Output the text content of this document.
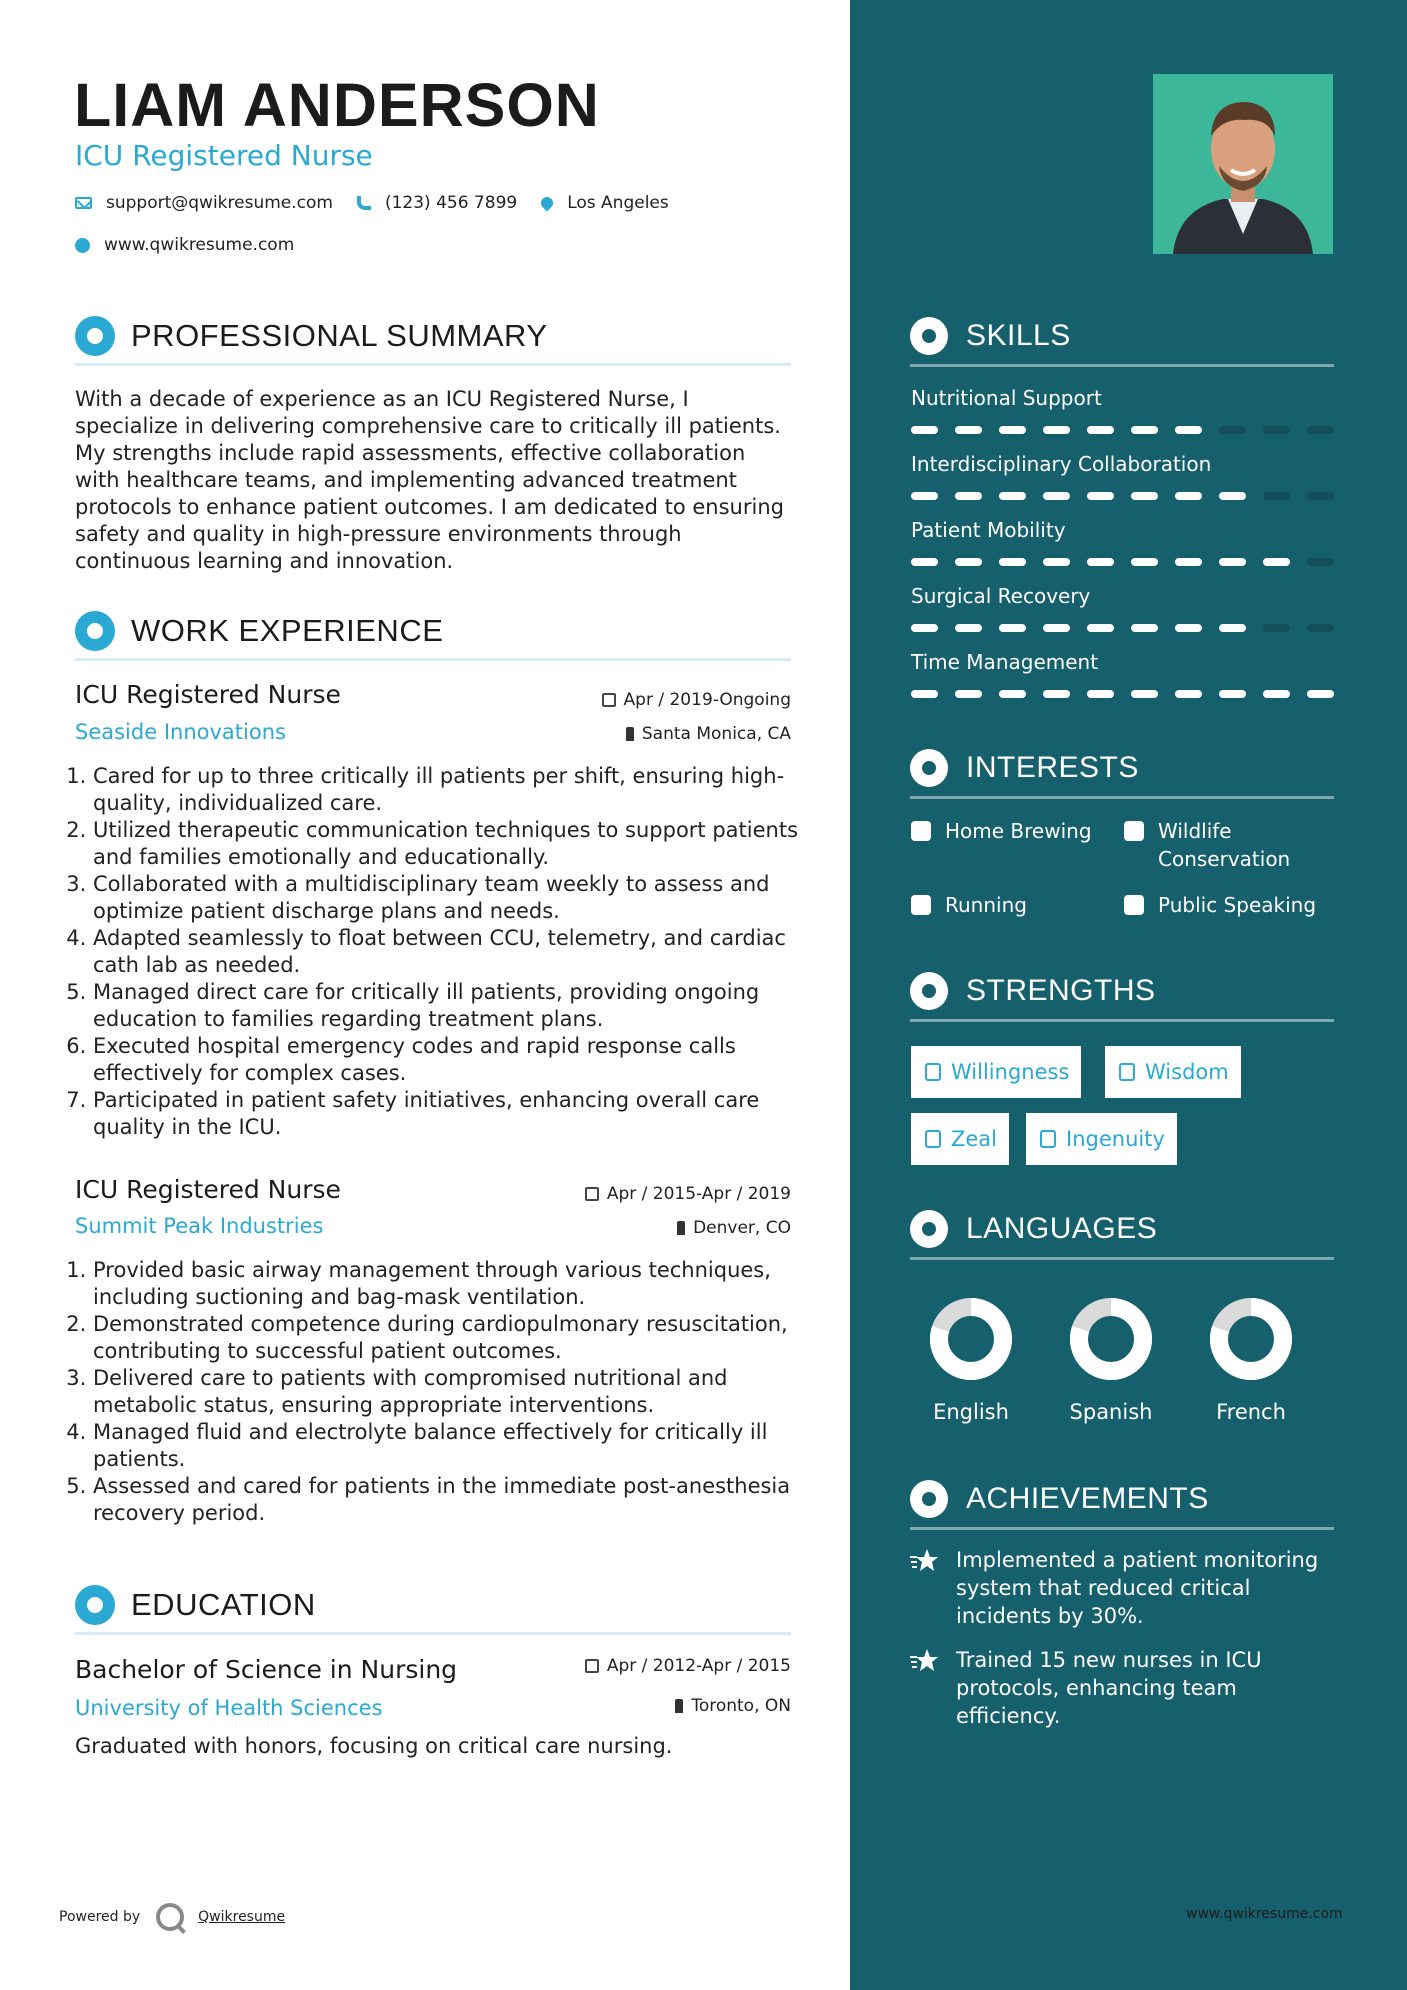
LIAM ANDERSON
ICU Registered Nurse
support@qwikresume.com	(123) 456 7899	Los Angeles
www.qwikresume.com
PROFESSIONAL SUMMARY
With a decade of experience as an ICU Registered Nurse, I specialize in delivering comprehensive care to critically ill patients. My strengths include rapid assessments, effective collaboration with healthcare teams, and implementing advanced treatment protocols to enhance patient outcomes. I am dedicated to ensuring safety and quality in high-pressure environments through continuous learning and innovation.
WORK EXPERIENCE
ICU Registered Nurse	Apr / 2019-Ongoing
Seaside Innovations	Santa Monica, CA
1. Cared for up to three critically ill patients per shift, ensuring high-quality, individualized care.
2. Utilized therapeutic communication techniques to support patients and families emotionally and educationally.
3. Collaborated with a multidisciplinary team weekly to assess and optimize patient discharge plans and needs.
4. Adapted seamlessly to float between CCU, telemetry, and cardiac cath lab as needed.
5. Managed direct care for critically ill patients, providing ongoing education to families regarding treatment plans.
6. Executed hospital emergency codes and rapid response calls effectively for complex cases.
7. Participated in patient safety initiatives, enhancing overall care quality in the ICU.
ICU Registered Nurse	Apr / 2015-Apr / 2019
Summit Peak Industries	Denver, CO
1. Provided basic airway management through various techniques, including suctioning and bag-mask ventilation.
2. Demonstrated competence during cardiopulmonary resuscitation, contributing to successful patient outcomes.
3. Delivered care to patients with compromised nutritional and metabolic status, ensuring appropriate interventions.
4. Managed fluid and electrolyte balance effectively for critically ill patients.
5. Assessed and cared for patients in the immediate post-anesthesia recovery period.
EDUCATION
Bachelor of Science in Nursing	Apr / 2012-Apr / 2015
University of Health Sciences	Toronto, ON
Graduated with honors, focusing on critical care nursing.
SKILLS
Nutritional Support
Interdisciplinary Collaboration
Patient Mobility
Surgical Recovery
Time Management
INTERESTS
Home Brewing	Wildlife Conservation
Running	Public Speaking
STRENGTHS
Willingness	Wisdom
Zeal	Ingenuity
LANGUAGES
English	Spanish	French
ACHIEVEMENTS
Implemented a patient monitoring system that reduced critical incidents by 30%.
Trained 15 new nurses in ICU protocols, enhancing team efficiency.
Powered by	Qwikresume	www.qwikresume.com
